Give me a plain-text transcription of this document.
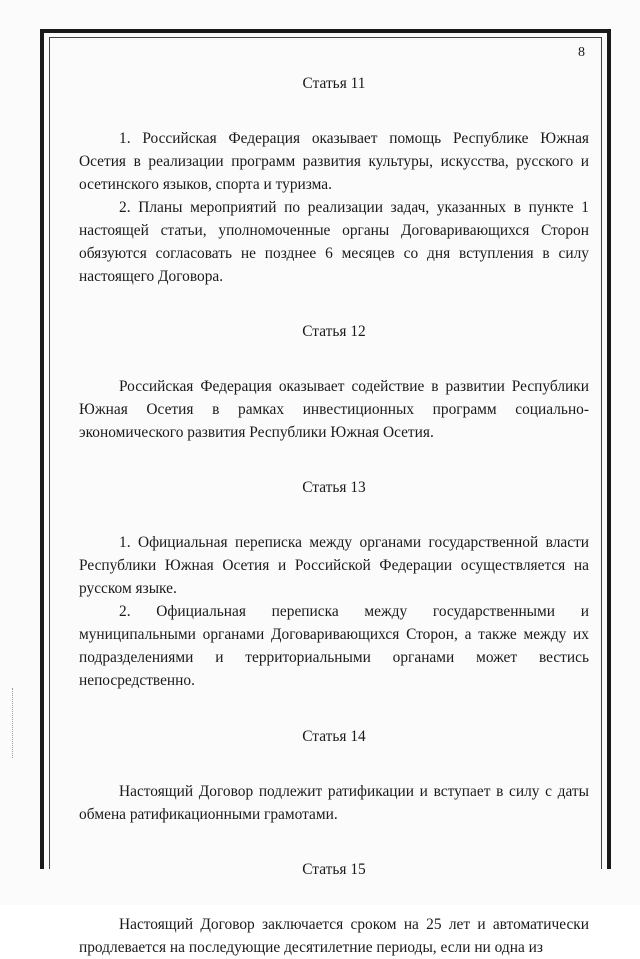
8

Статья 11

1. Российская Федерация оказывает помощь Республике Южная Осетия в реализации программ развития культуры, искусства, русского и осетинского языков, спорта и туризма.

2. Планы мероприятий по реализации задач, указанных в пункте 1 настоящей статьи, уполномоченные органы Договаривающихся Сторон обязуются согласовать не позднее 6 месяцев со дня вступления в силу настоящего Договора.

Статья 12

Российская Федерация оказывает содействие в развитии Республики Южная Осетия в рамках инвестиционных программ социально-экономического развития Республики Южная Осетия.

Статья 13

1. Официальная переписка между органами государственной власти Республики Южная Осетия и Российской Федерации осуществляется на русском языке.

2. Официальная переписка между государственными и муниципальными органами Договаривающихся Сторон, а также между их подразделениями и территориальными органами может вестись непосредственно.

Статья 14

Настоящий Договор подлежит ратификации и вступает в силу с даты обмена ратификационными грамотами.

Статья 15

Настоящий Договор заключается сроком на 25 лет и автоматически продлевается на последующие десятилетние периоды, если ни одна из
